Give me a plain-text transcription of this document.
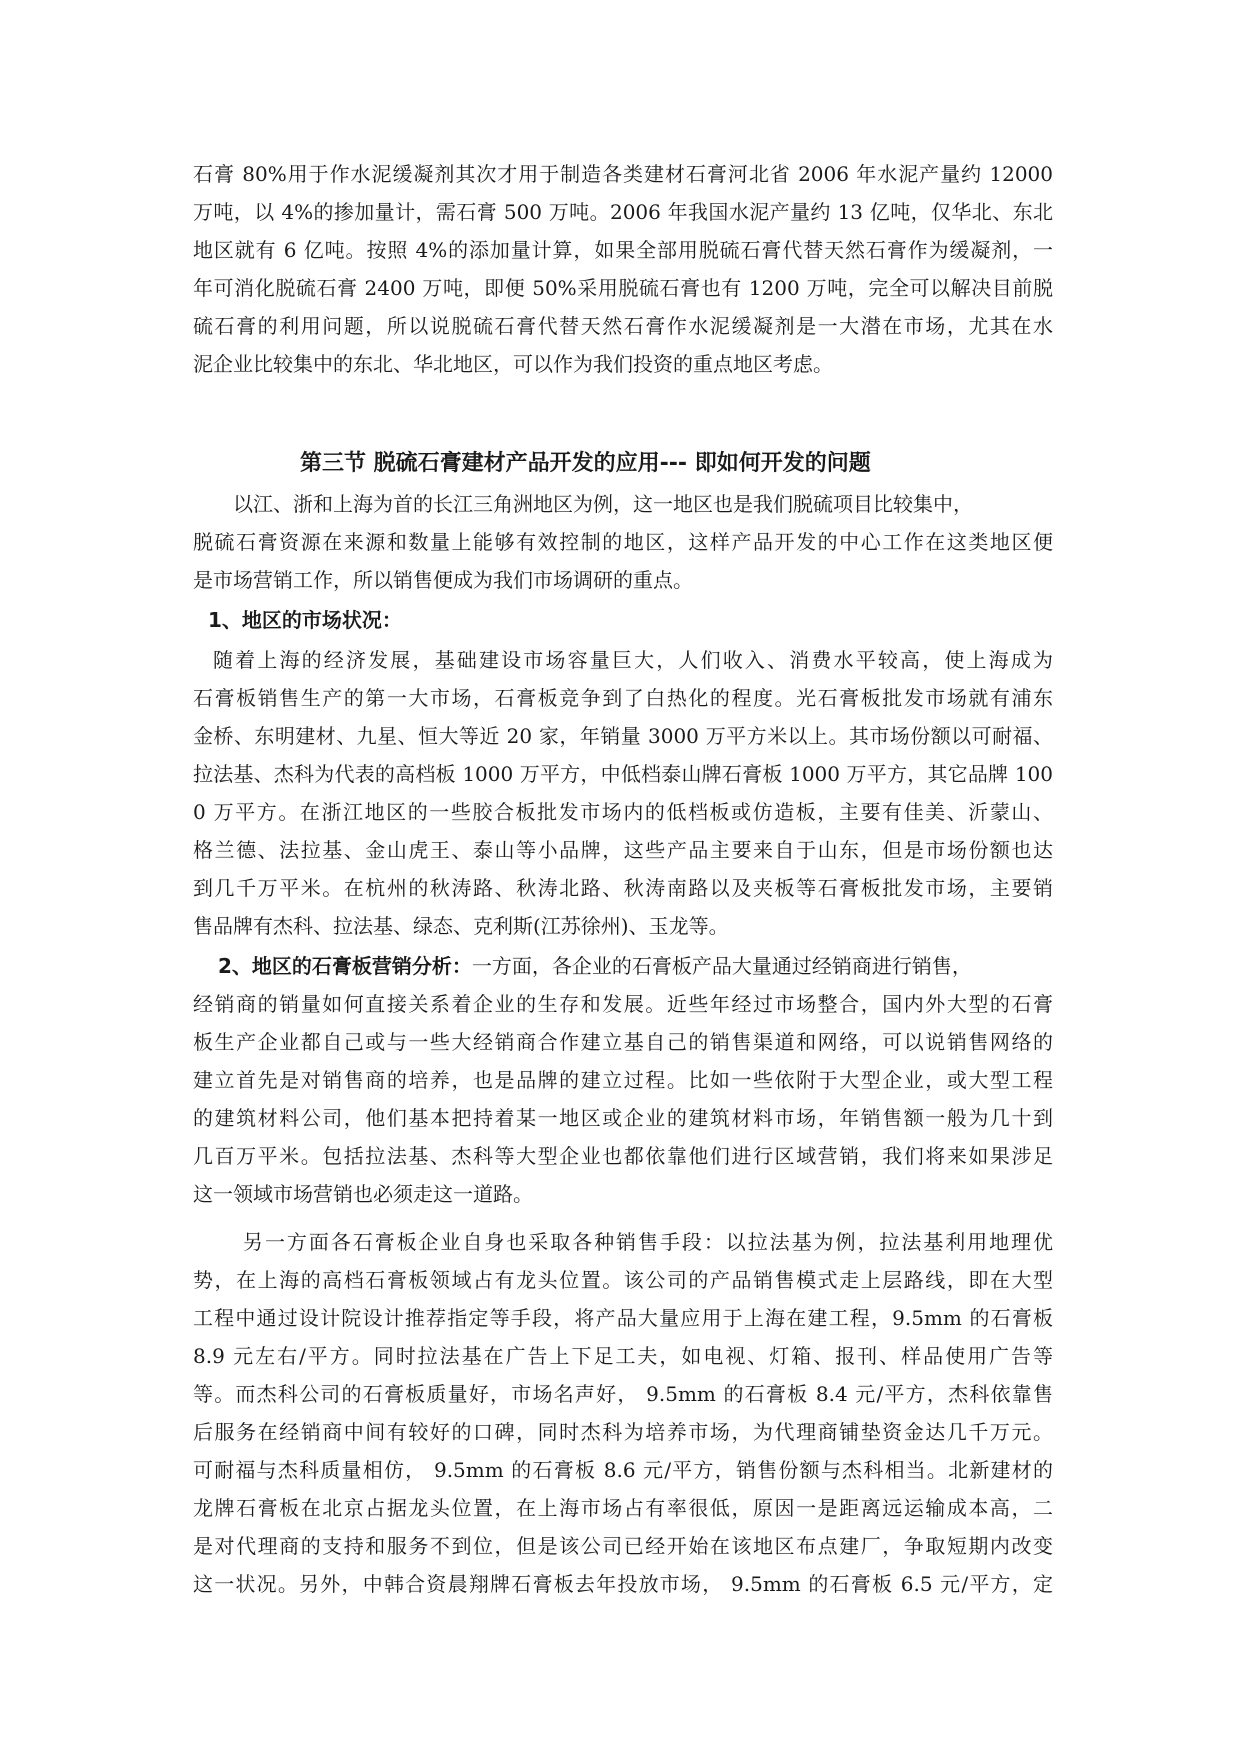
石膏 80%用于作水泥缓凝剂其次才用于制造各类建材石膏河北省 2006 年水泥产量约 12000
万吨，以 4%的掺加量计，需石膏 500 万吨。2006 年我国水泥产量约 13 亿吨，仅华北、东北
地区就有 6 亿吨。按照 4%的添加量计算，如果全部用脱硫石膏代替天然石膏作为缓凝剂，一
年可消化脱硫石膏 2400 万吨，即便 50%采用脱硫石膏也有 1200 万吨，完全可以解决目前脱
硫石膏的利用问题，所以说脱硫石膏代替天然石膏作水泥缓凝剂是一大潜在市场，尤其在水
泥企业比较集中的东北、华北地区，可以作为我们投资的重点地区考虑。
第三节 脱硫石膏建材产品开发的应用--- 即如何开发的问题
以江、浙和上海为首的长江三角洲地区为例，这一地区也是我们脱硫项目比较集中，
脱硫石膏资源在来源和数量上能够有效控制的地区，这样产品开发的中心工作在这类地区便
是市场营销工作，所以销售便成为我们市场调研的重点。
1、地区的市场状况：
随着上海的经济发展，基础建设市场容量巨大，人们收入、消费水平较高，使上海成为
石膏板销售生产的第一大市场，石膏板竞争到了白热化的程度。光石膏板批发市场就有浦东
金桥、东明建材、九星、恒大等近 20 家，年销量 3000 万平方米以上。其市场份额以可耐福、
拉法基、杰科为代表的高档板 1000 万平方，中低档泰山牌石膏板 1000 万平方，其它品牌 100
0 万平方。在浙江地区的一些胶合板批发市场内的低档板或仿造板，主要有佳美、沂蒙山、
格兰德、法拉基、金山虎王、泰山等小品牌，这些产品主要来自于山东，但是市场份额也达
到几千万平米。在杭州的秋涛路、秋涛北路、秋涛南路以及夹板等石膏板批发市场，主要销
售品牌有杰科、拉法基、绿态、克利斯(江苏徐州)、玉龙等。
2、地区的石膏板营销分析：一方面，各企业的石膏板产品大量通过经销商进行销售，
经销商的销量如何直接关系着企业的生存和发展。近些年经过市场整合，国内外大型的石膏
板生产企业都自己或与一些大经销商合作建立基自己的销售渠道和网络，可以说销售网络的
建立首先是对销售商的培养，也是品牌的建立过程。比如一些依附于大型企业，或大型工程
的建筑材料公司，他们基本把持着某一地区或企业的建筑材料市场，年销售额一般为几十到
几百万平米。包括拉法基、杰科等大型企业也都依靠他们进行区域营销，我们将来如果涉足
这一领域市场营销也必须走这一道路。
另一方面各石膏板企业自身也采取各种销售手段：以拉法基为例，拉法基利用地理优
势，在上海的高档石膏板领域占有龙头位置。该公司的产品销售模式走上层路线，即在大型
工程中通过设计院设计推荐指定等手段，将产品大量应用于上海在建工程，9.5mm 的石膏板
8.9 元左右/平方。同时拉法基在广告上下足工夫，如电视、灯箱、报刊、样品使用广告等
等。而杰科公司的石膏板质量好，市场名声好， 9.5mm 的石膏板 8.4 元/平方，杰科依靠售
后服务在经销商中间有较好的口碑，同时杰科为培养市场，为代理商铺垫资金达几千万元。
可耐福与杰科质量相仿， 9.5mm 的石膏板 8.6 元/平方，销售份额与杰科相当。北新建材的
龙牌石膏板在北京占据龙头位置，在上海市场占有率很低，原因一是距离远运输成本高，二
是对代理商的支持和服务不到位，但是该公司已经开始在该地区布点建厂，争取短期内改变
这一状况。另外，中韩合资晨翔牌石膏板去年投放市场， 9.5mm 的石膏板 6.5 元/平方，定
